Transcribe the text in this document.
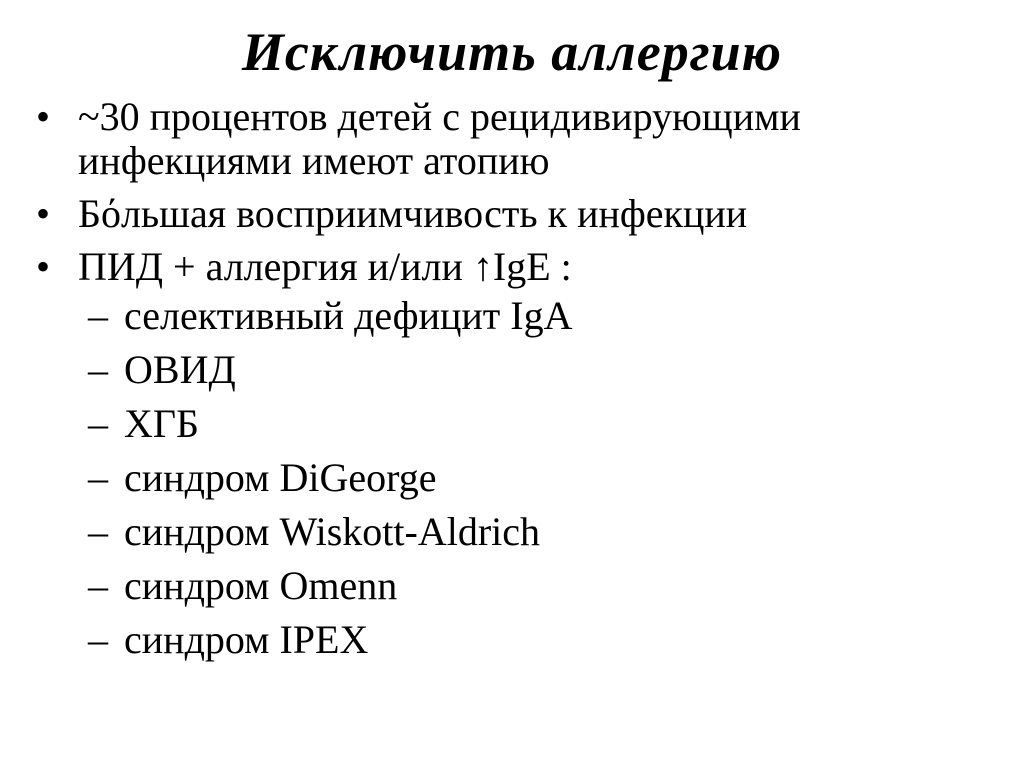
Исключить аллергию
• ~30 процентов детей с рецидивирующими инфекциями имеют атопию
• Бόльшая восприимчивость к инфекции
• ПИД + аллергия и/или ↑IgE :
– селективный дефицит IgA
– ОВИД
– ХГБ
– синдром DiGeorge
– синдром Wiskott-Aldrich
– синдром Omenn
– синдром IPEX
